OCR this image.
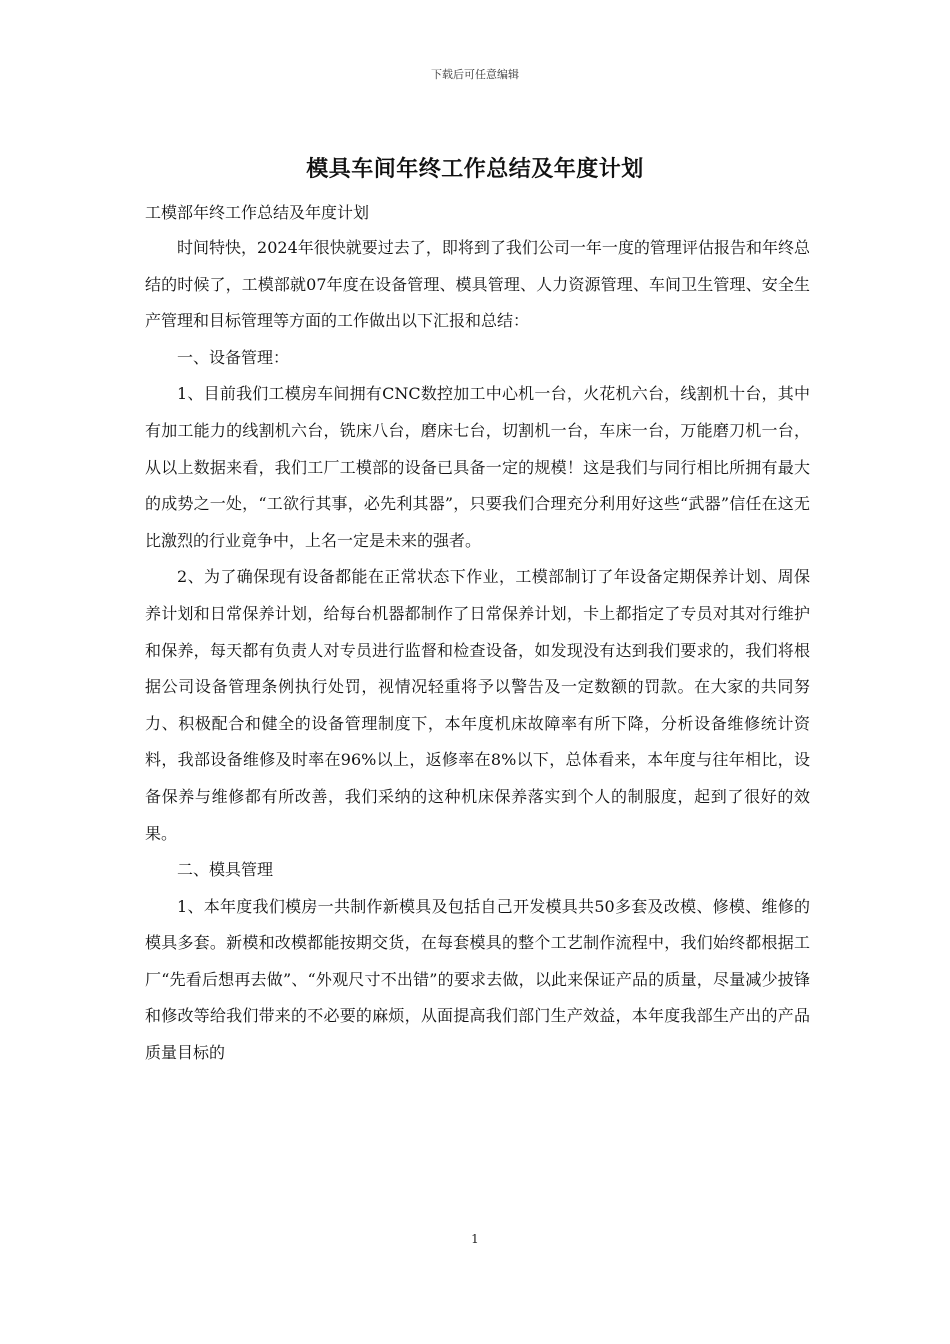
下载后可任意编辑
模具车间年终工作总结及年度计划

工模部年终工作总结及年度计划

时间特快，2024年很快就要过去了，即将到了我们公司一年一度的管理评估报告和年终总结的时候了，工模部就07年度在设备管理、模具管理、人力资源管理、车间卫生管理、安全生产管理和目标管理等方面的工作做出以下汇报和总结：

一、设备管理：

1、目前我们工模房车间拥有CNC数控加工中心机一台，火花机六台，线割机十台，其中有加工能力的线割机六台，铣床八台，磨床七台，切割机一台，车床一台，万能磨刀机一台，从以上数据来看，我们工厂工模部的设备已具备一定的规模！这是我们与同行相比所拥有最大的成势之一处，“工欲行其事，必先利其器”，只要我们合理充分利用好这些“武器”信任在这无比激烈的行业竟争中，上名一定是未来的强者。

2、为了确保现有设备都能在正常状态下作业，工模部制订了年设备定期保养计划、周保养计划和日常保养计划，给每台机器都制作了日常保养计划，卡上都指定了专员对其对行维护和保养，每天都有负责人对专员进行监督和检查设备，如发现没有达到我们要求的，我们将根据公司设备管理条例执行处罚，视情况轻重将予以警告及一定数额的罚款。在大家的共同努力、积极配合和健全的设备管理制度下，本年度机床故障率有所下降，分析设备维修统计资料，我部设备维修及时率在96%以上，返修率在8%以下，总体看来，本年度与往年相比，设备保养与维修都有所改善，我们采纳的这种机床保养落实到个人的制服度，起到了很好的效果。

二、模具管理

1、本年度我们模房一共制作新模具及包括自己开发模具共50多套及改模、修模、维修的模具多套。新模和改模都能按期交货，在每套模具的整个工艺制作流程中，我们始终都根据工厂“先看后想再去做”、“外观尺寸不出错”的要求去做，以此来保证产品的质量，尽量减少披锋和修改等给我们带来的不必要的麻烦，从面提高我们部门生产效益，本年度我部生产出的产品质量目标的

1
